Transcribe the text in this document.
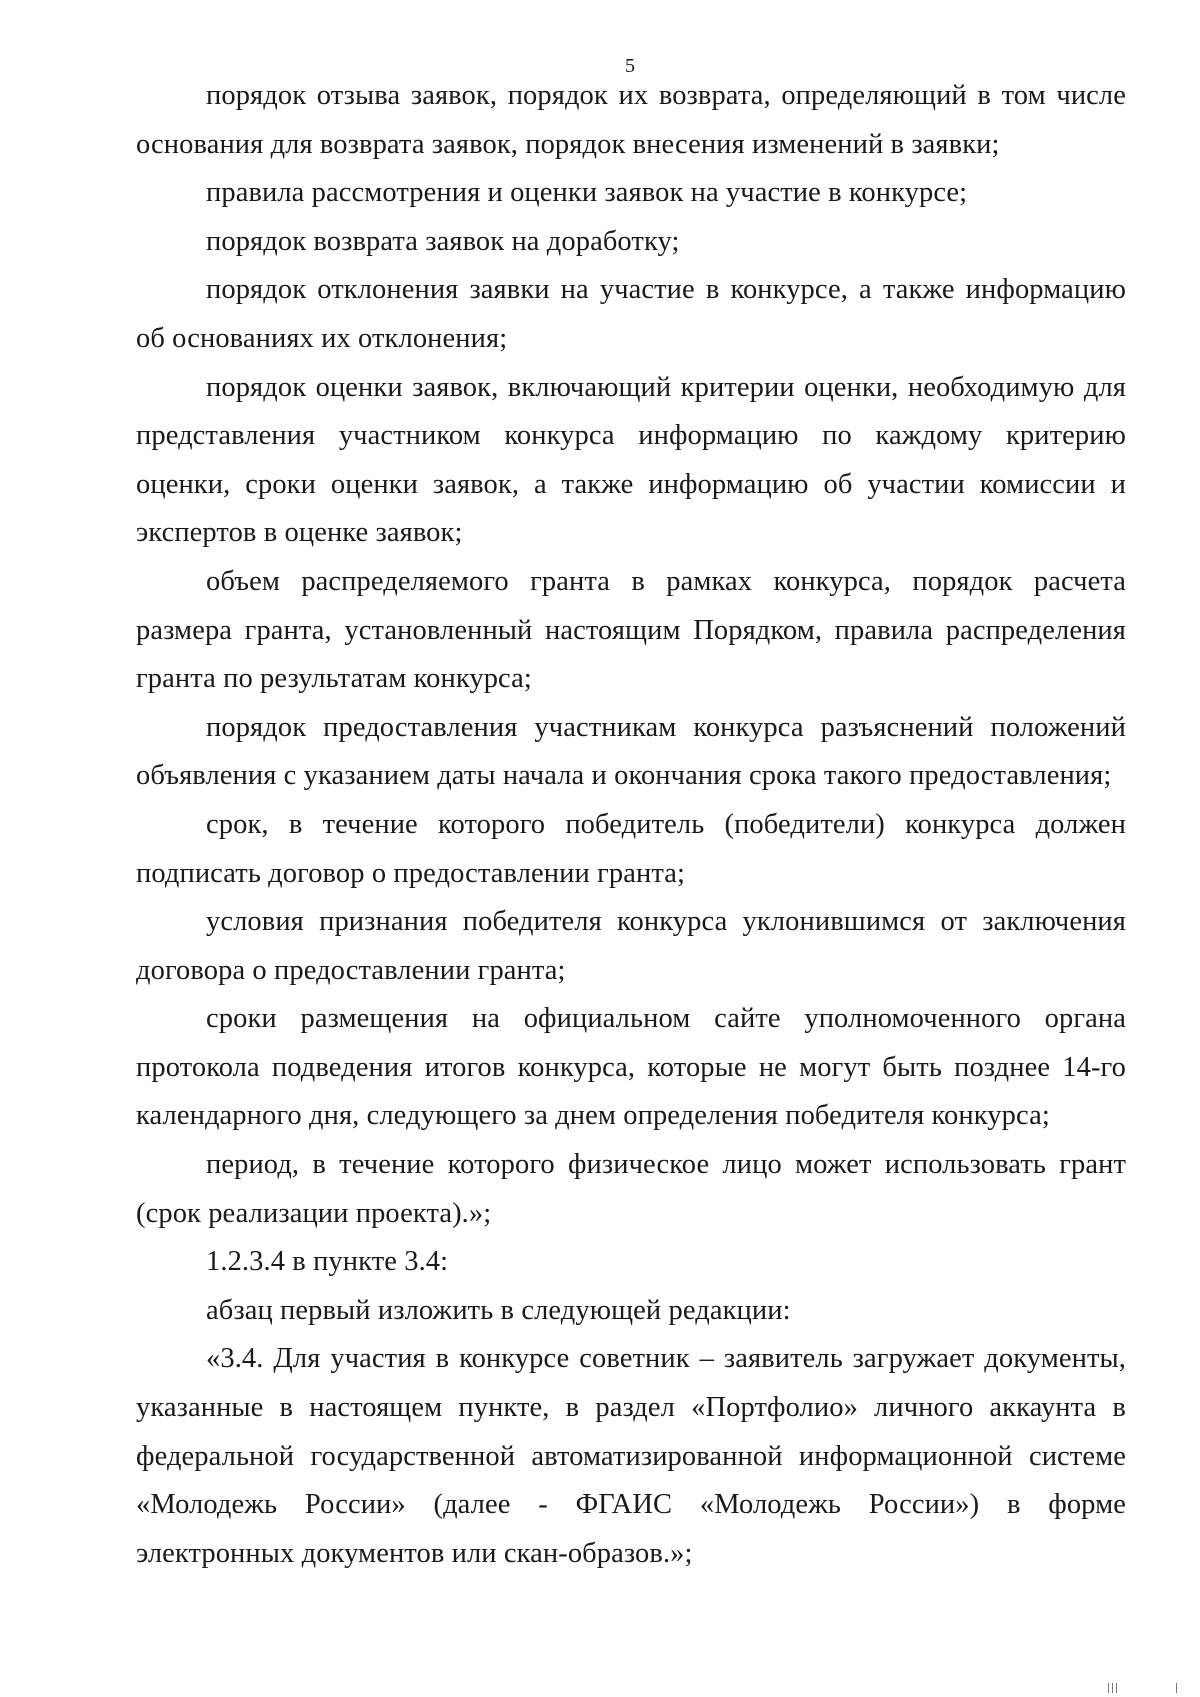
5

порядок отзыва заявок, порядок их возврата, определяющий в том числе основания для возврата заявок, порядок внесения изменений в заявки;

правила рассмотрения и оценки заявок на участие в конкурсе;

порядок возврата заявок на доработку;

порядок отклонения заявки на участие в конкурсе, а также информацию об основаниях их отклонения;

порядок оценки заявок, включающий критерии оценки, необходимую для представления участником конкурса информацию по каждому критерию оценки, сроки оценки заявок, а также информацию об участии комиссии и экспертов в оценке заявок;

объем распределяемого гранта в рамках конкурса, порядок расчета размера гранта, установленный настоящим Порядком, правила распределения гранта по результатам конкурса;

порядок предоставления участникам конкурса разъяснений положений объявления с указанием даты начала и окончания срока такого предоставления;

срок, в течение которого победитель (победители) конкурса должен подписать договор о предоставлении гранта;

условия признания победителя конкурса уклонившимся от заключения договора о предоставлении гранта;

сроки размещения на официальном сайте уполномоченного органа протокола подведения итогов конкурса, которые не могут быть позднее 14-го календарного дня, следующего за днем определения победителя конкурса;

период, в течение которого физическое лицо может использовать грант (срок реализации проекта).»;

1.2.3.4 в пункте 3.4:

абзац первый изложить в следующей редакции:

«3.4. Для участия в конкурсе советник – заявитель загружает документы, указанные в настоящем пункте, в раздел «Портфолио» личного аккаунта в федеральной государственной автоматизированной информационной системе «Молодежь России» (далее - ФГАИС «Молодежь России») в форме электронных документов или скан-образов.»;
